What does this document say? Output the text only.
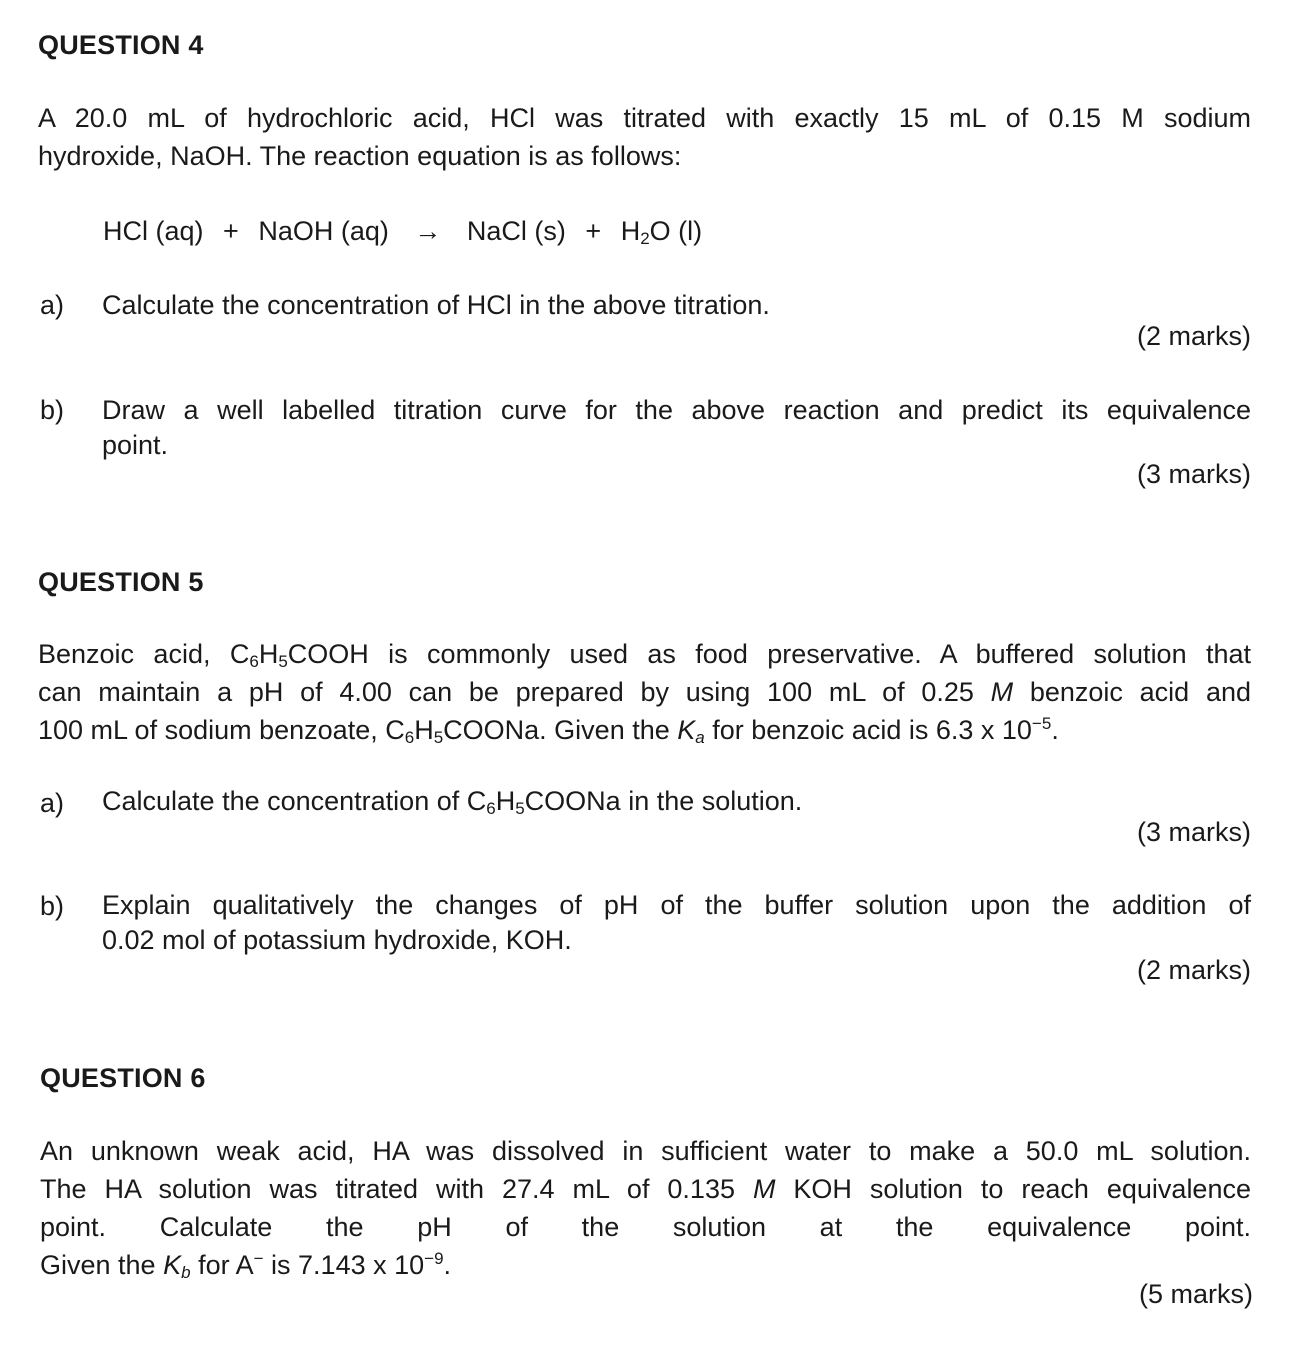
QUESTION 4
A 20.0 mL of hydrochloric acid, HCl was titrated with exactly 15 mL of 0.15 M sodium
hydroxide, NaOH. The reaction equation is as follows:
HCl (aq) + NaOH (aq) → NaCl $(s) + H_2O$ (l)
a)	Calculate the concentration of HCl in the above titration.
(2 marks)
b)	Draw a well labelled titration curve for the above reaction and predict its equivalence
point.
(3 marks)
QUESTION 5
Benzoic acid, $C_6H_5COOH$ is commonly used as food preservative. A buffered solution that
can maintain a pH of 4.00 can be prepared by using 100 mL of 0.25 M benzoic acid and
100 mL of sodium benzoate, $C_6H_5COONa$. Given the $K_a$ for benzoic acid is 6.3 x $10^{-5}$.
a)	Calculate the concentration of $C_6H_5COONa$ in the solution.
(3 marks)
b)	Explain qualitatively the changes of pH of the buffer solution upon the addition of
0.02 mol of potassium hydroxide, KOH.
(2 marks)
QUESTION 6
An unknown weak acid, HA was dissolved in sufficient water to make a 50.0 mL solution.
The HA solution was titrated with 27.4 mL of 0.135 M KOH solution to reach equivalence
point. Calculate the pH of the solution at the equivalence point.
Given the $K_b$ for A− is 7.143 x $10^{-9}$.
(5 marks)
